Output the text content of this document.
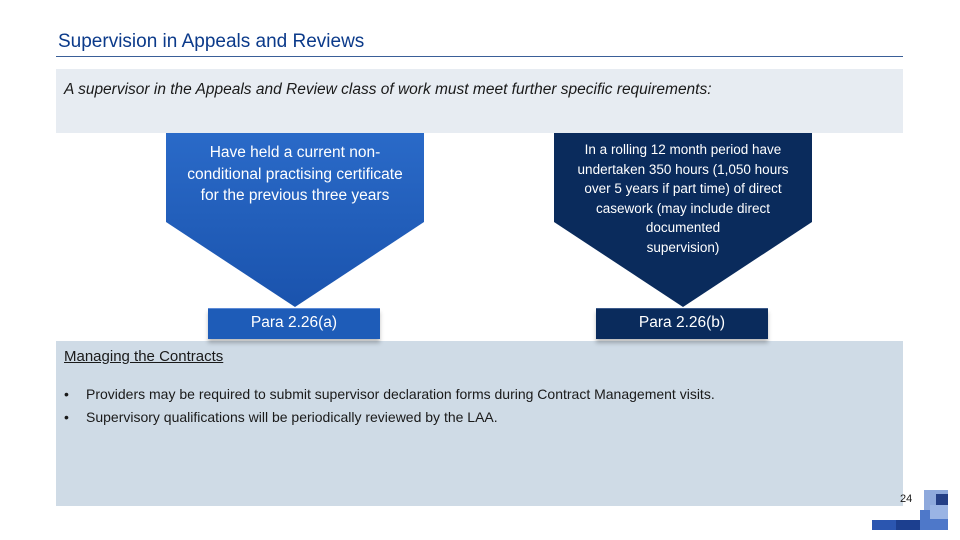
Supervision in Appeals and Reviews
A supervisor in the Appeals and Review class of work must meet further specific requirements:
Have held a current non-
conditional practising certificate
for the previous three years
In a rolling 12 month period have
undertaken 350 hours (1,050 hours
over 5 years if part time) of direct
casework (may include direct
documented
supervision)
Para 2.26(a)	Para 2.26(b)
Managing the Contracts
• Providers may be required to submit supervisor declaration forms during Contract Management visits.
• Supervisory qualifications will be periodically reviewed by the LAA.
24
